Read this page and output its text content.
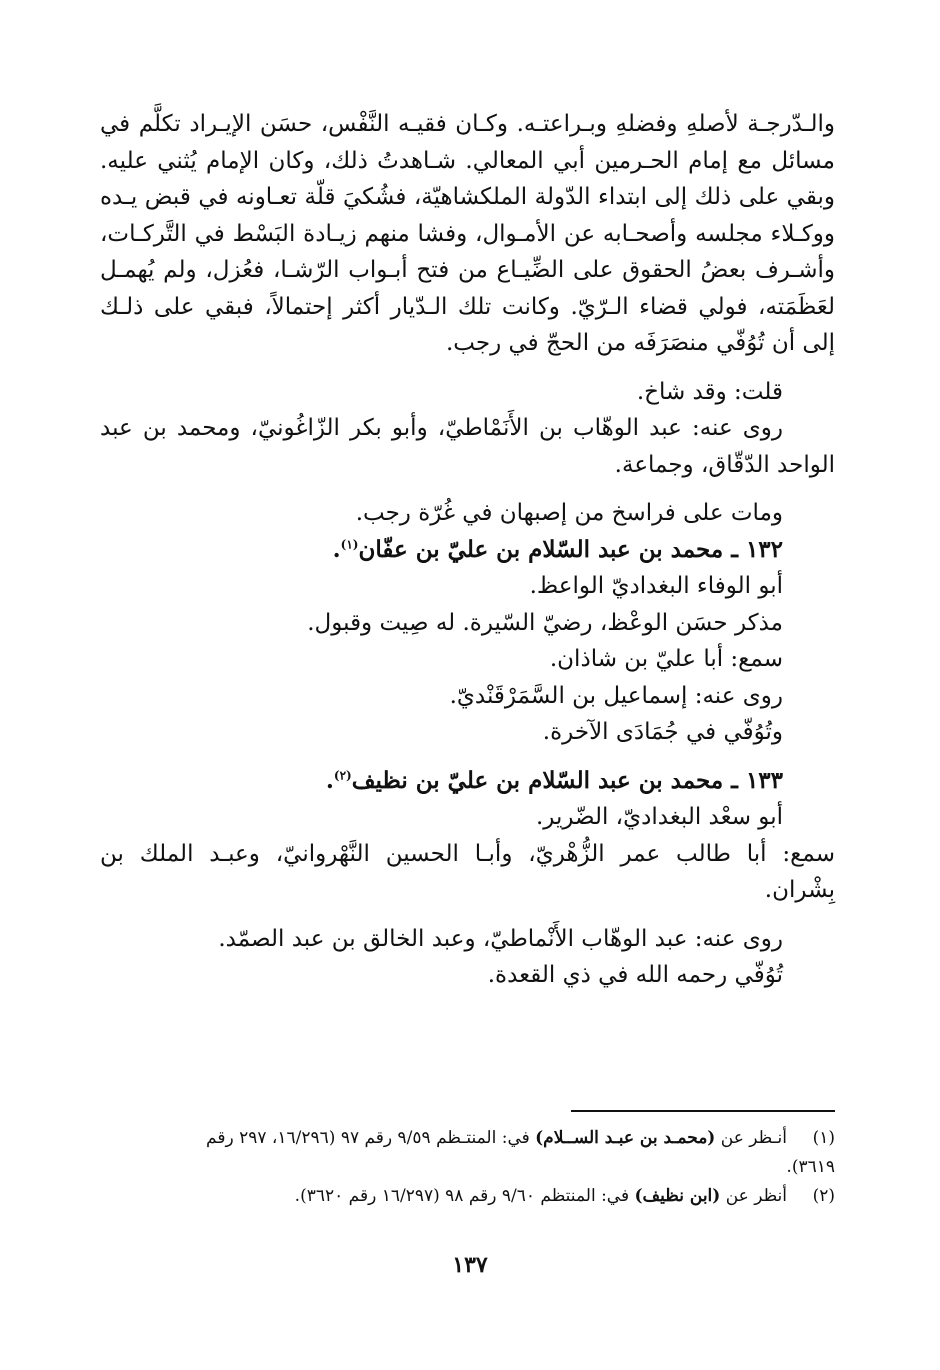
والـدّرجـة لأصلهِ وفضلهِ وبـراعتـه. وكـان فقيـه النَّفْس، حسَن الإيـراد تكلَّم في
مسائل مع إمام الحـرمين أبي المعالي. شـاهدتُ ذلك، وكان الإمام يُثني عليه.
وبقي على ذلك إلى ابتداء الدّولة الملكشاهيّة، فشُكيَ قلّة تعـاونه في قبض يـده
ووكـلاء مجلسه وأصحـابه عن الأمـوال، وفشا منهم زيـادة البَسْط في التَّركـات،
وأشـرف بعضُ الحقوق على الضِّيـاع من فتح أبـواب الرّشـا، فعُزل، ولم يُهمـل
لعَظَمَته، فولي قضاء الـرّيّ. وكانت تلك الـدّيار أكثر إحتمالاً، فبقي على ذلـك
إلى أن تُوُفّي منصَرَفَه من الحجّ في رجب.
قلت: وقد شاخ.
روى عنه: عبد الوهّاب بن الأَنَمْاطيّ، وأبو بكر الزّاغُونيّ، ومحمد بن عبد
الواحد الدّقّاق، وجماعة.
ومات على فراسخ من إصبهان في غُرّة رجب.
١٣٢ ـ محمد بن عبد السّلام بن عليّ بن عفّان$^{(١)}$.
أبو الوفاء البغداديّ الواعظ.
مذكر حسَن الوعْظ، رضيّ السّيرة. له صِيت وقبول.
سمع: أبا عليّ بن شاذان.
روى عنه: إسماعيل بن السَّمَرْقَنْديّ.
وتُوُفّي في جُمَادَى الآخرة.
١٣٣ ـ محمد بن عبد السّلام بن عليّ بن نظيف$^{(٢)}$.
أبو سعْد البغداديّ، الضّرير.
سمع: أبا طالب عمر الزُّهْريّ، وأبـا الحسين النَّهْروانيّ، وعبـد الملك بن
بِشْران.
روى عنه: عبد الوهّاب الأَنْماطيّ، وعبد الخالق بن عبد الصمّد.
تُوُفّي رحمه الله في ذي القعدة.
(١)أنـظر عن (محمـد بن عبـد الســلام) في: المنتـظم ٩/٥٩ رقم ٩٧ (١٦/٢٩٦، ٢٩٧ رقم
٣٦١٩).
(٢)أنظر عن (ابن نظيف) في: المنتظم ٩/٦٠ رقم ٩٨ (١٦/٢٩٧ رقم ٣٦٢٠).
١٣٧
